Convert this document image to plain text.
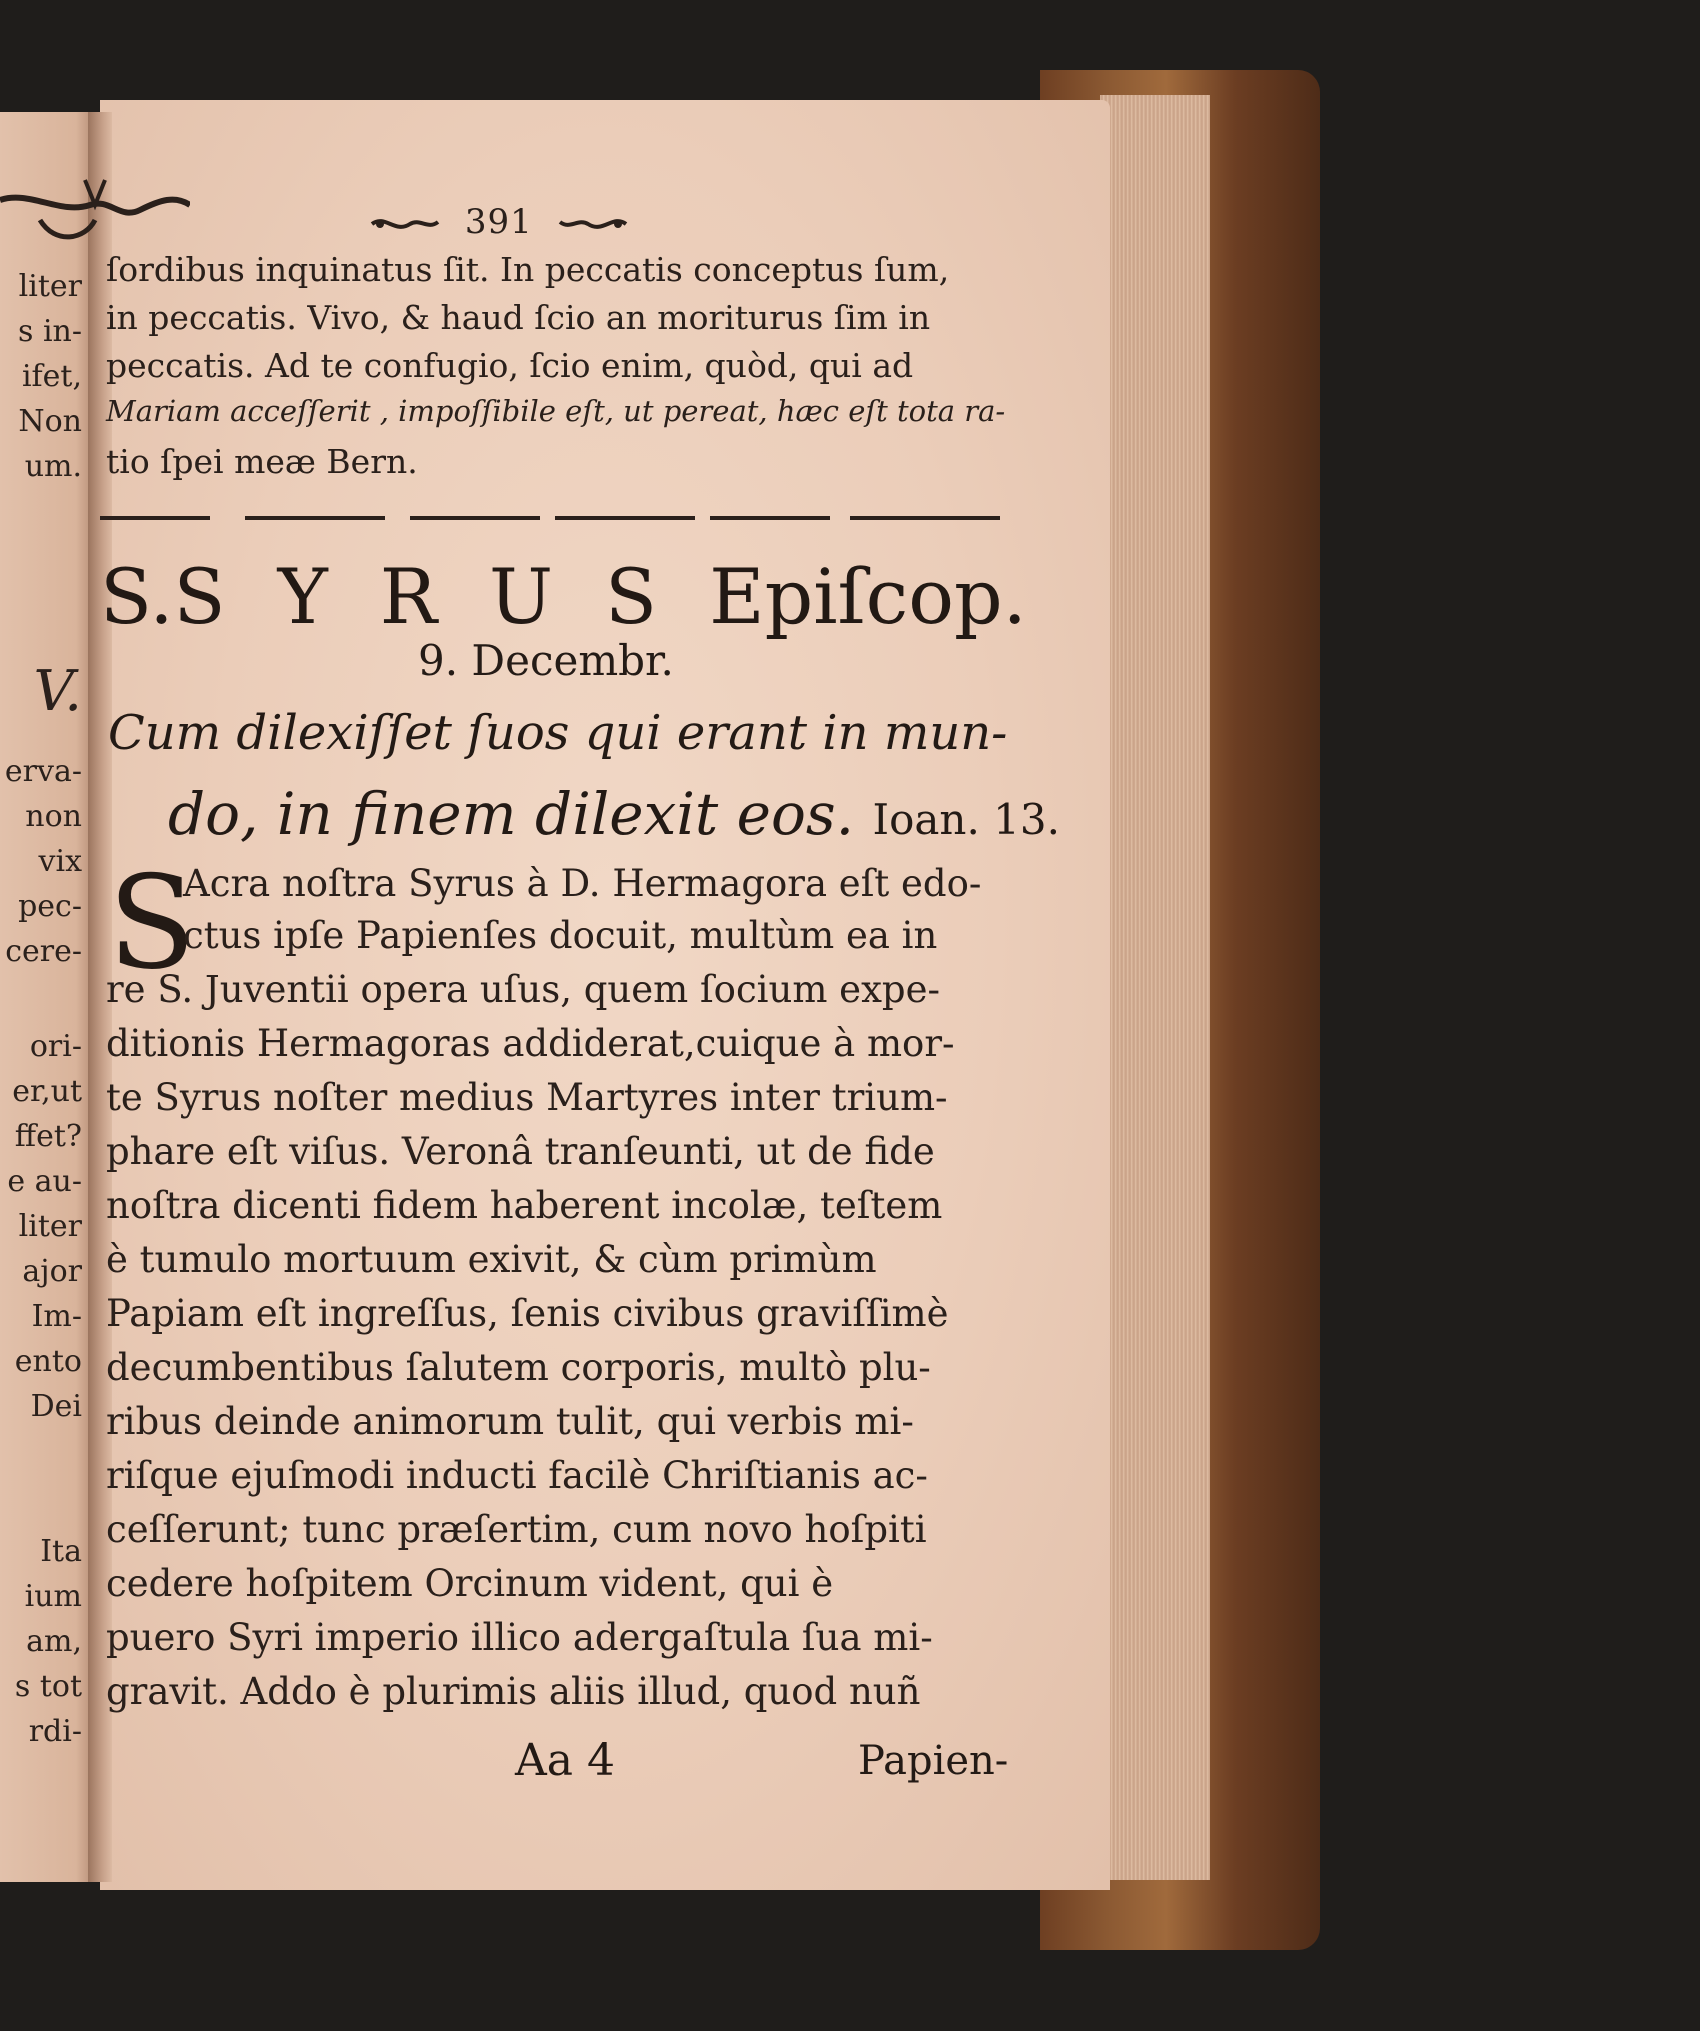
liter
s in-
ifet,
Non
um.
V.
erva-
non
vix
pec-
cere-
ori-
er,ut
ffet?
e au-
liter
ajor
Im-
ento
Dei
Ita
ium
am,
s tot
rdi-
391
ſordibus inquinatus ſit. In peccatis conceptus ſum,
in peccatis. Vivo, & haud ſcio an moriturus ſim in
peccatis. Ad te confugio, ſcio enim, quòd, qui ad
Mariam acceſſerit , impoſſibile eſt, ut pereat, hæc eſt tota ra-
tio ſpei meæ Bern.
S. SYRUS Epiſcop.
9. Decembr.
Cum dilexiſſet ſuos qui erant in mun-
do, in finem dilexit eos. Ioan. 13.
S
Acra noſtra Syrus à D. Hermagora eſt edo-
ctus ipſe Papienſes docuit, multùm ea in
re S. Juventii opera uſus, quem ſocium expe-
ditionis Hermagoras addiderat,cuique à mor-
te Syrus noſter medius Martyres inter trium-
phare eſt viſus. Veronâ tranſeunti, ut de fide
noſtra dicenti fidem haberent incolæ, teſtem
è tumulo mortuum exivit, & cùm primùm
Papiam eſt ingreſſus, ſenis civibus graviſſimè
decumbentibus ſalutem corporis, multò plu-
ribus deinde animorum tulit, qui verbis mi-
riſque ejuſmodi inducti facilè Chriſtianis ac-
ceſſerunt; tunc præſertim, cum novo hoſpiti
cedere hoſpitem Orcinum vident, qui è
puero Syri imperio illico adergaſtula ſua mi-
gravit. Addo è plurimis aliis illud, quod nuñ
Aa 4	Papien-
